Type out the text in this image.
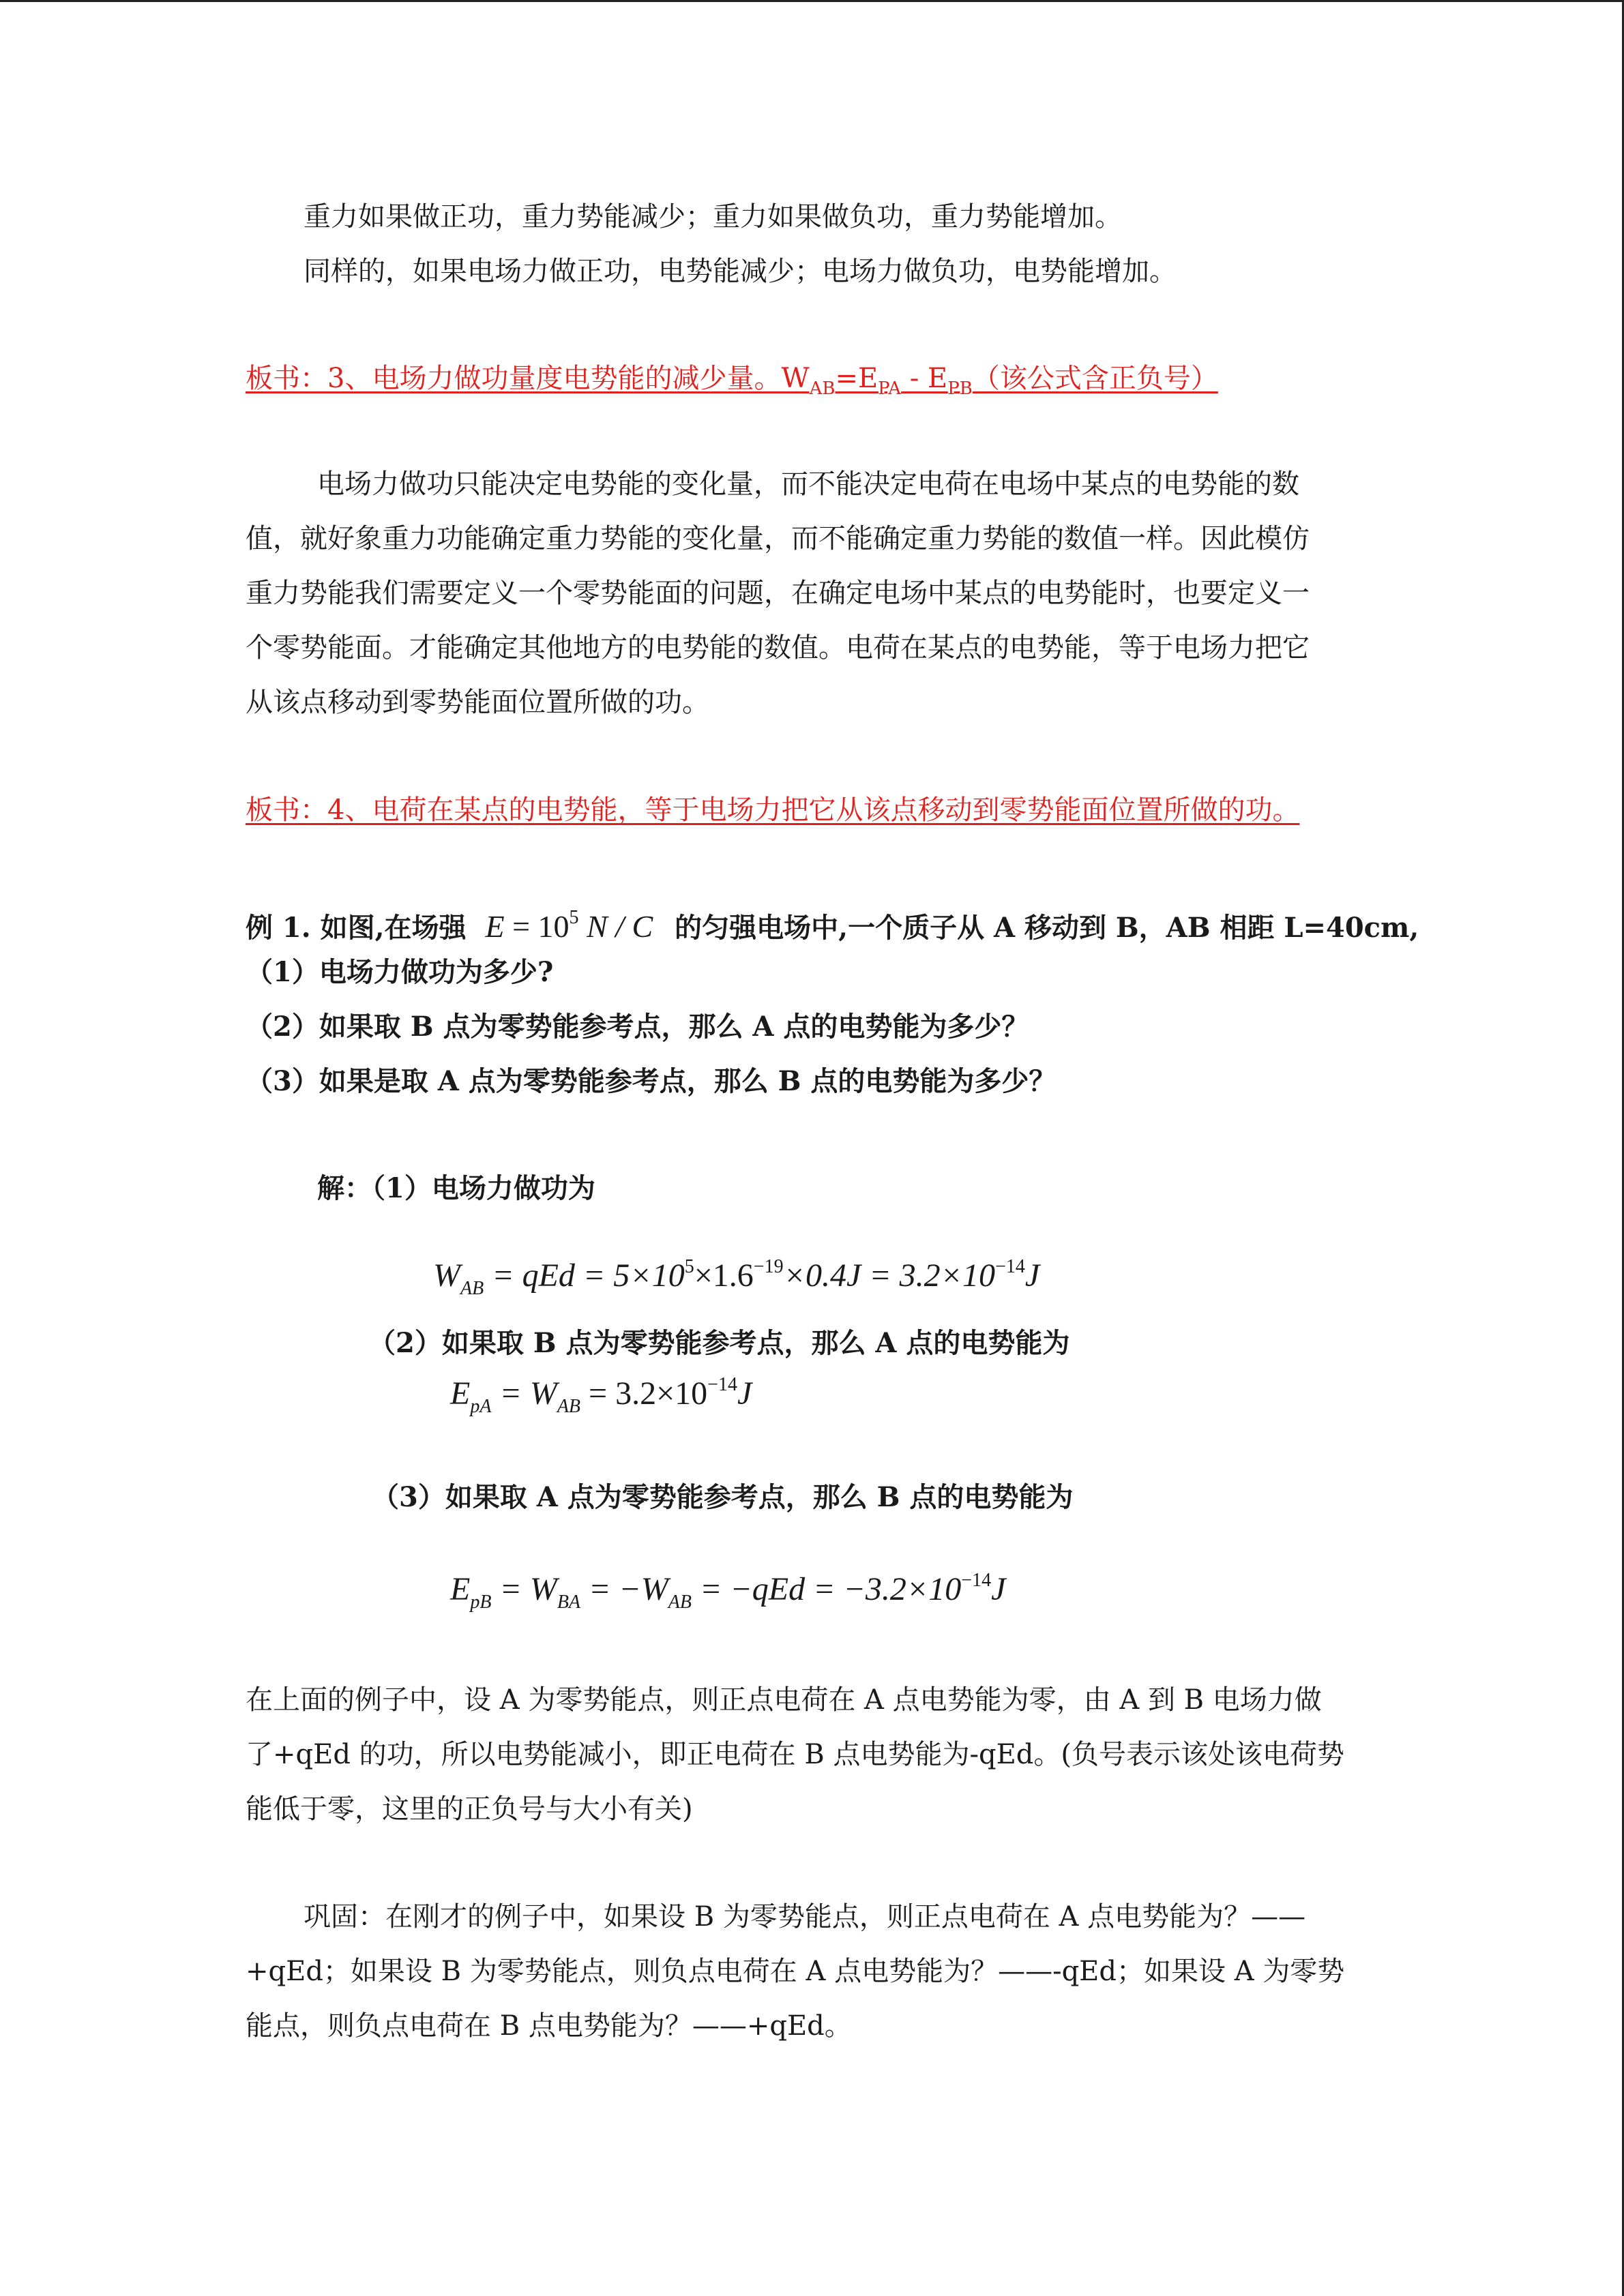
重力如果做正功，重力势能减少；重力如果做负功，重力势能增加。
同样的，如果电场力做正功，电势能减少；电场力做负功，电势能增加。
板书：3、电场力做功量度电势能的减少量。$W_{AB}=E_{PA} - E_{PB}$（该公式含正负号）
电场力做功只能决定电势能的变化量，而不能决定电荷在电场中某点的电势能的数
值，就好象重力功能确定重力势能的变化量，而不能确定重力势能的数值一样。因此模仿
重力势能我们需要定义一个零势能面的问题，在确定电场中某点的电势能时，也要定义一
个零势能面。才能确定其他地方的电势能的数值。电荷在某点的电势能，等于电场力把它
从该点移动到零势能面位置所做的功。
板书：4、电荷在某点的电势能，等于电场力把它从该点移动到零势能面位置所做的功。
例 1. 如图,在场强 $E = 10^5$ N / C 的匀强电场中,一个质子从 A 移动到 B，AB 相距 L=40cm,
（1）电场力做功为多少?
（2）如果取 B 点为零势能参考点，那么 A 点的电势能为多少？
（3）如果是取 A 点为零势能参考点，那么 B 点的电势能为多少？
解：（1）电场力做功为
$W_{AB}$ = qEd = $5\times 10^5\times 1.6^{-19}\times 0.4J = 3.2\times 10^{-14}J$
（2）如果取 B 点为零势能参考点，那么 A 点的电势能为
$E_{pA} = W_{AB} = 3.2\times 10^{-14}J$
（3）如果取 A 点为零势能参考点，那么 B 点的电势能为
$E_{pB} = W_{BA} = -W_{AB} = -qEd = -3.2\times 10^{-14}J$
在上面的例子中，设 A 为零势能点，则正点电荷在 A 点电势能为零，由 A 到 B 电场力做
了+qEd 的功，所以电势能减小，即正电荷在 B 点电势能为-qEd。(负号表示该处该电荷势
能低于零，这里的正负号与大小有关)
巩固：在刚才的例子中，如果设 B 为零势能点，则正点电荷在 A 点电势能为？——
+qEd；如果设 B 为零势能点，则负点电荷在 A 点电势能为？——-qEd；如果设 A 为零势
能点，则负点电荷在 B 点电势能为？——+qEd。
